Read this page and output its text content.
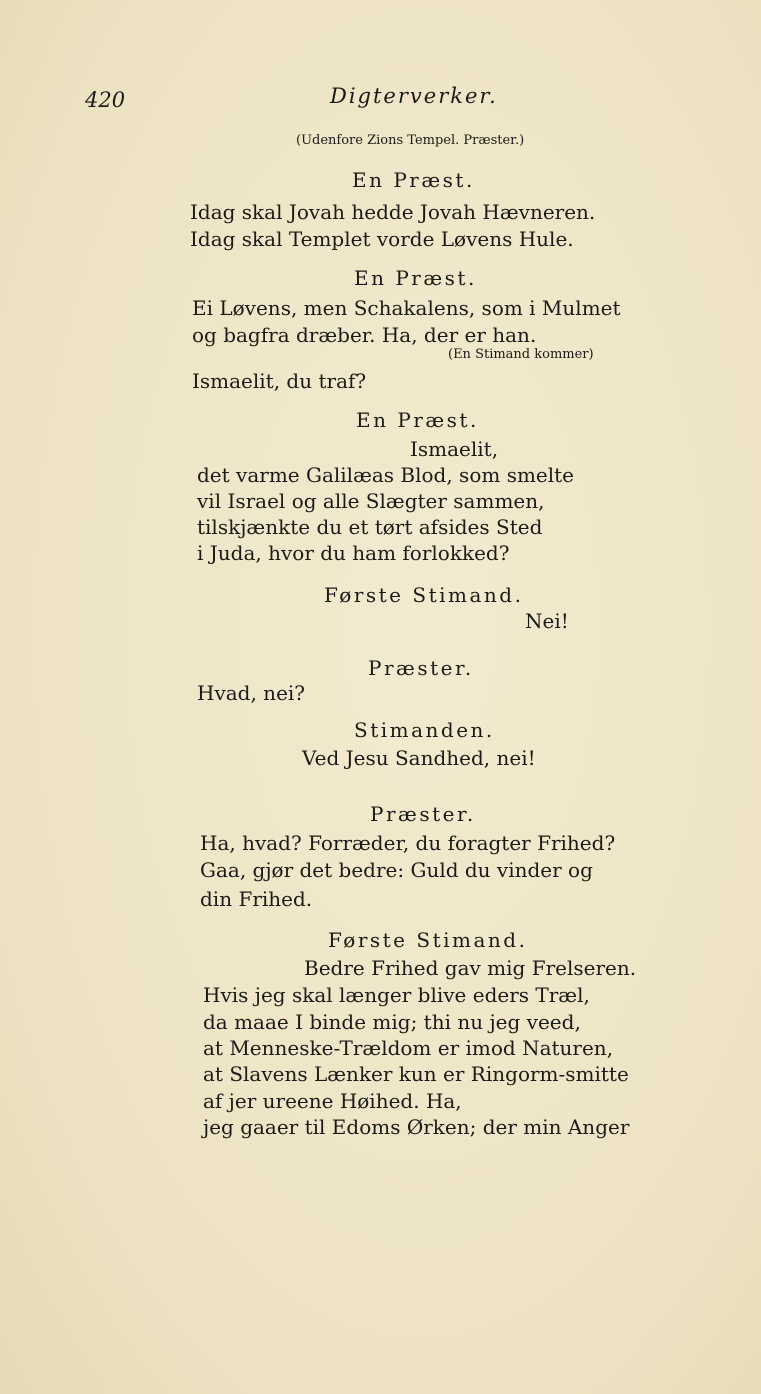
420	Digterverker.
(Udenfore Zions Tempel. Præster.)
En Præst.
Idag skal Jovah hedde Jovah Hævneren.
Idag skal Templet vorde Løvens Hule.
En Præst.
Ei Løvens, men Schakalens, som i Mulmet
og bagfra dræber. Ha, der er han.
(En Stimand kommer)
Ismaelit, du traf?
En Præst.
Ismaelit,
det varme Galilæas Blod, som smelte
vil Israel og alle Slægter sammen,
tilskjænkte du et tørt afsides Sted
i Juda, hvor du ham forlokked?
Første Stimand.
Nei!
Præster.
Hvad, nei?
Stimanden.
Ved Jesu Sandhed, nei!
Præster.
Ha, hvad? Forræder, du foragter Frihed?
Gaa, gjør det bedre: Guld du vinder og
din Frihed.
Første Stimand.
Bedre Frihed gav mig Frelseren.
Hvis jeg skal længer blive eders Træl,
da maae I binde mig; thi nu jeg veed,
at Menneske-Trældom er imod Naturen,
at Slavens Lænker kun er Ringorm-smitte
af jer ureene Høihed. Ha,
jeg gaaer til Edoms Ørken; der min Anger
